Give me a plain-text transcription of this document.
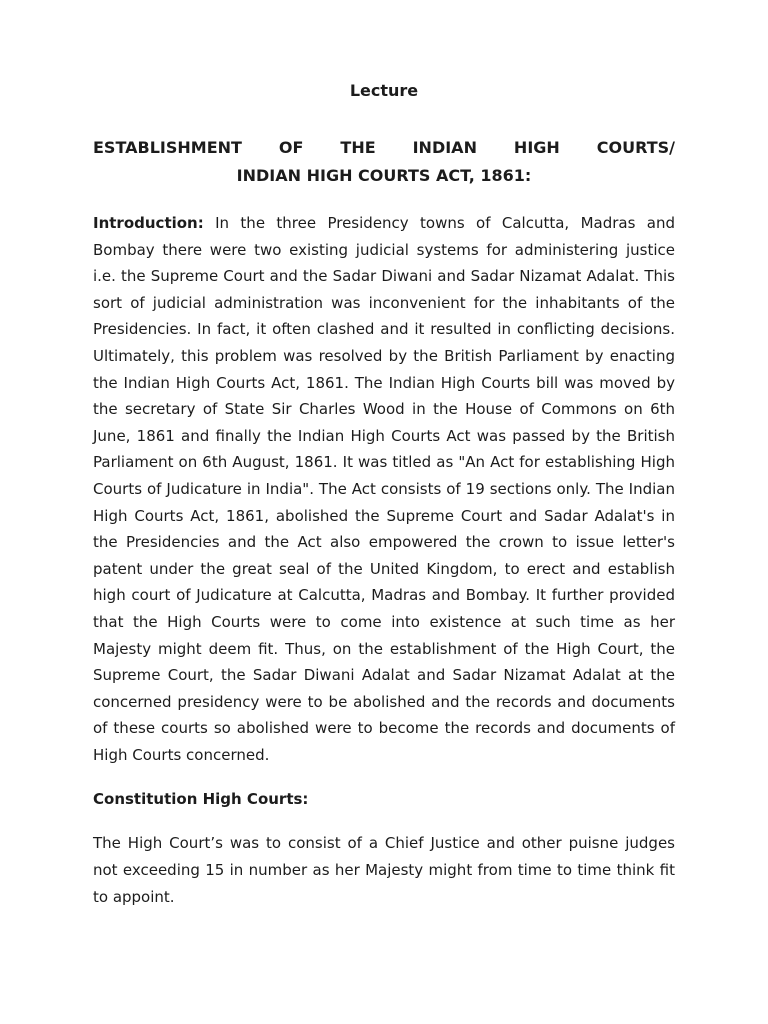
Lecture
ESTABLISHMENT OF THE INDIAN HIGH COURTS/
INDIAN HIGH COURTS ACT, 1861:

Introduction: In the three Presidency towns of Calcutta, Madras and Bombay there were two existing judicial systems for administering justice i.e. the Supreme Court and the Sadar Diwani and Sadar Nizamat Adalat. This sort of judicial administration was inconvenient for the inhabitants of the Presidencies. In fact, it often clashed and it resulted in conflicting decisions. Ultimately, this problem was resolved by the British Parliament by enacting the Indian High Courts Act, 1861. The Indian High Courts bill was moved by the secretary of State Sir Charles Wood in the House of Commons on 6th June, 1861 and finally the Indian High Courts Act was passed by the British Parliament on 6th August, 1861. It was titled as "An Act for establishing High Courts of Judicature in India". The Act consists of 19 sections only. The Indian High Courts Act, 1861, abolished the Supreme Court and Sadar Adalat's in the Presidencies and the Act also empowered the crown to issue letter's patent under the great seal of the United Kingdom, to erect and establish high court of Judicature at Calcutta, Madras and Bombay. It further provided that the High Courts were to come into existence at such time as her Majesty might deem fit. Thus, on the establishment of the High Court, the Supreme Court, the Sadar Diwani Adalat and Sadar Nizamat Adalat at the concerned presidency were to be abolished and the records and documents of these courts so abolished were to become the records and documents of High Courts concerned.

Constitution High Courts:

The High Court’s was to consist of a Chief Justice and other puisne judges not exceeding 15 in number as her Majesty might from time to time think fit to appoint.
